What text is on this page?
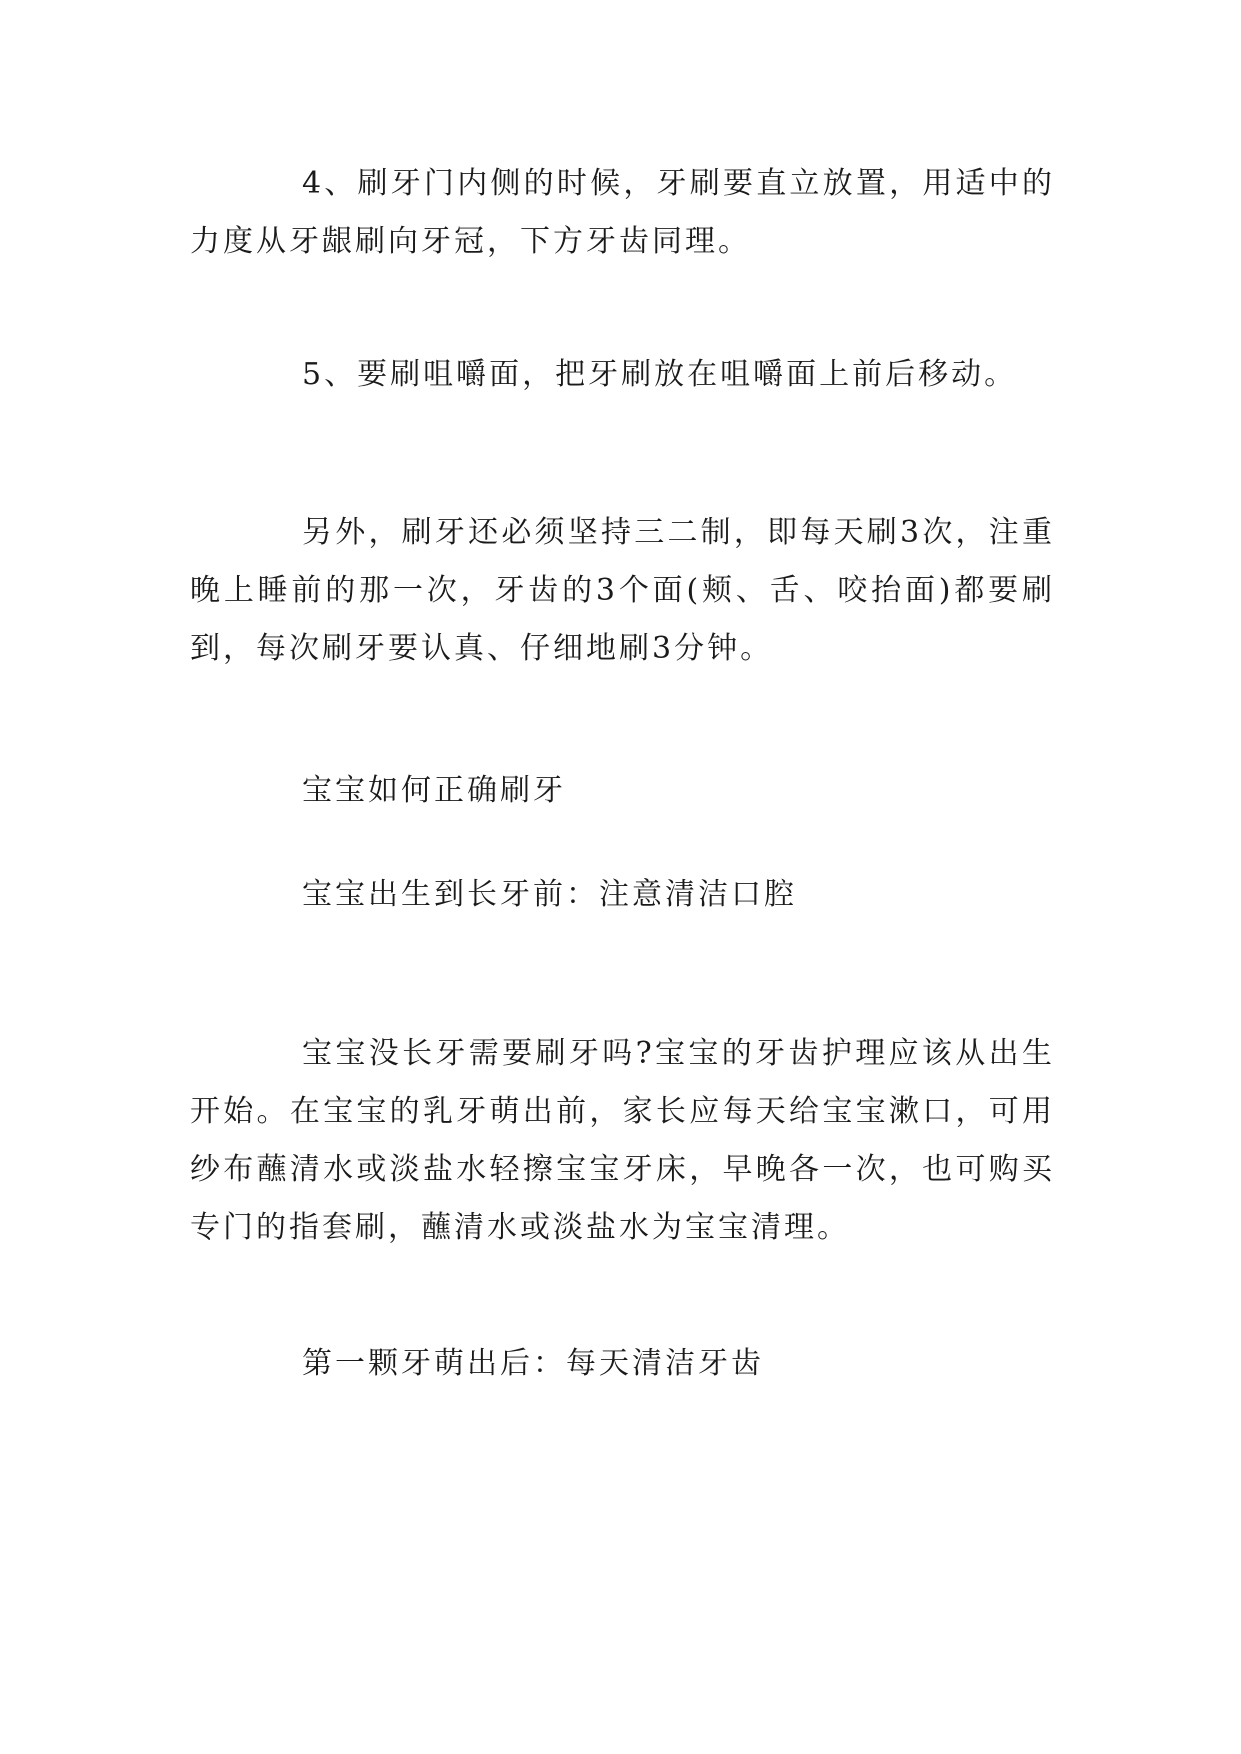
4、刷牙门内侧的时候，牙刷要直立放置，用适中的力度从牙龈刷向牙冠，下方牙齿同理。

5、要刷咀嚼面，把牙刷放在咀嚼面上前后移动。

另外，刷牙还必须坚持三二制，即每天刷3次，注重晚上睡前的那一次，牙齿的3个面(颊、舌、咬抬面)都要刷到，每次刷牙要认真、仔细地刷3分钟。

宝宝如何正确刷牙
宝宝出生到长牙前：注意清洁口腔

宝宝没长牙需要刷牙吗?宝宝的牙齿护理应该从出生开始。在宝宝的乳牙萌出前，家长应每天给宝宝漱口，可用纱布蘸清水或淡盐水轻擦宝宝牙床，早晚各一次，也可购买专门的指套刷，蘸清水或淡盐水为宝宝清理。

第一颗牙萌出后：每天清洁牙齿
